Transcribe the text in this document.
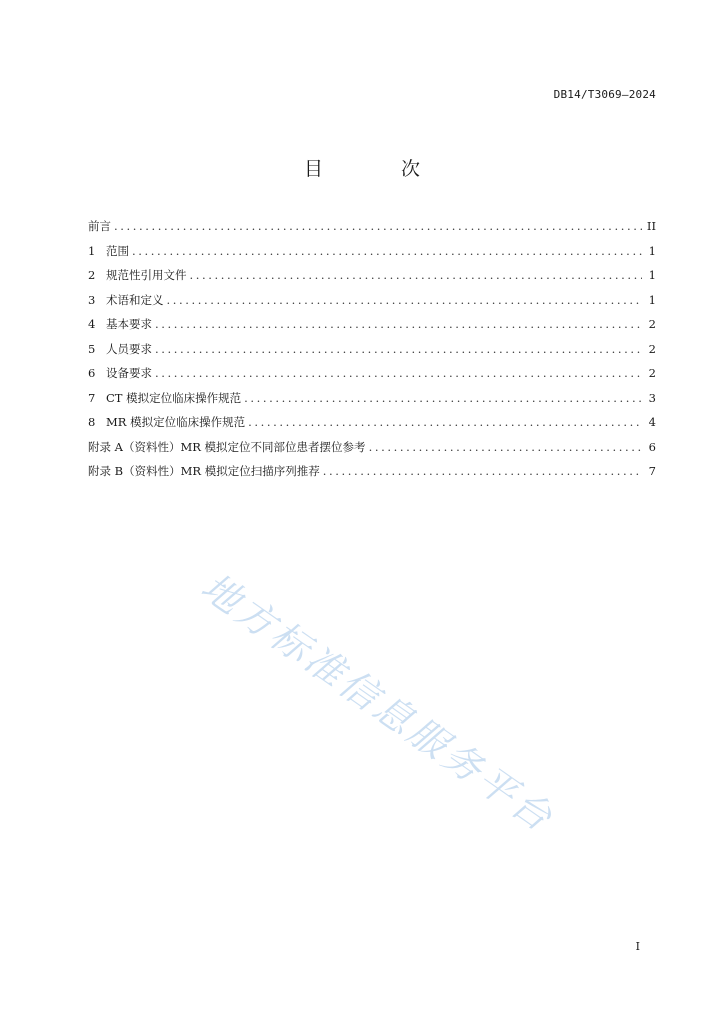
DB14/T3069—2024
目 次
前言 .....	II
1 范围 .....	1
2 规范性引用文件 .....	1
3 术语和定义 .....	1
4 基本要求 .....	2
5 人员要求 .....	2
6 设备要求 .....	2
7 CT 模拟定位临床操作规范 .....	3
8 MR 模拟定位临床操作规范 .....	4
附录 A（资料性）MR 模拟定位不同部位患者摆位参考 .....	6
附录 B（资料性）MR 模拟定位扫描序列推荐 .....	7
地方标准信息服务平台
I
